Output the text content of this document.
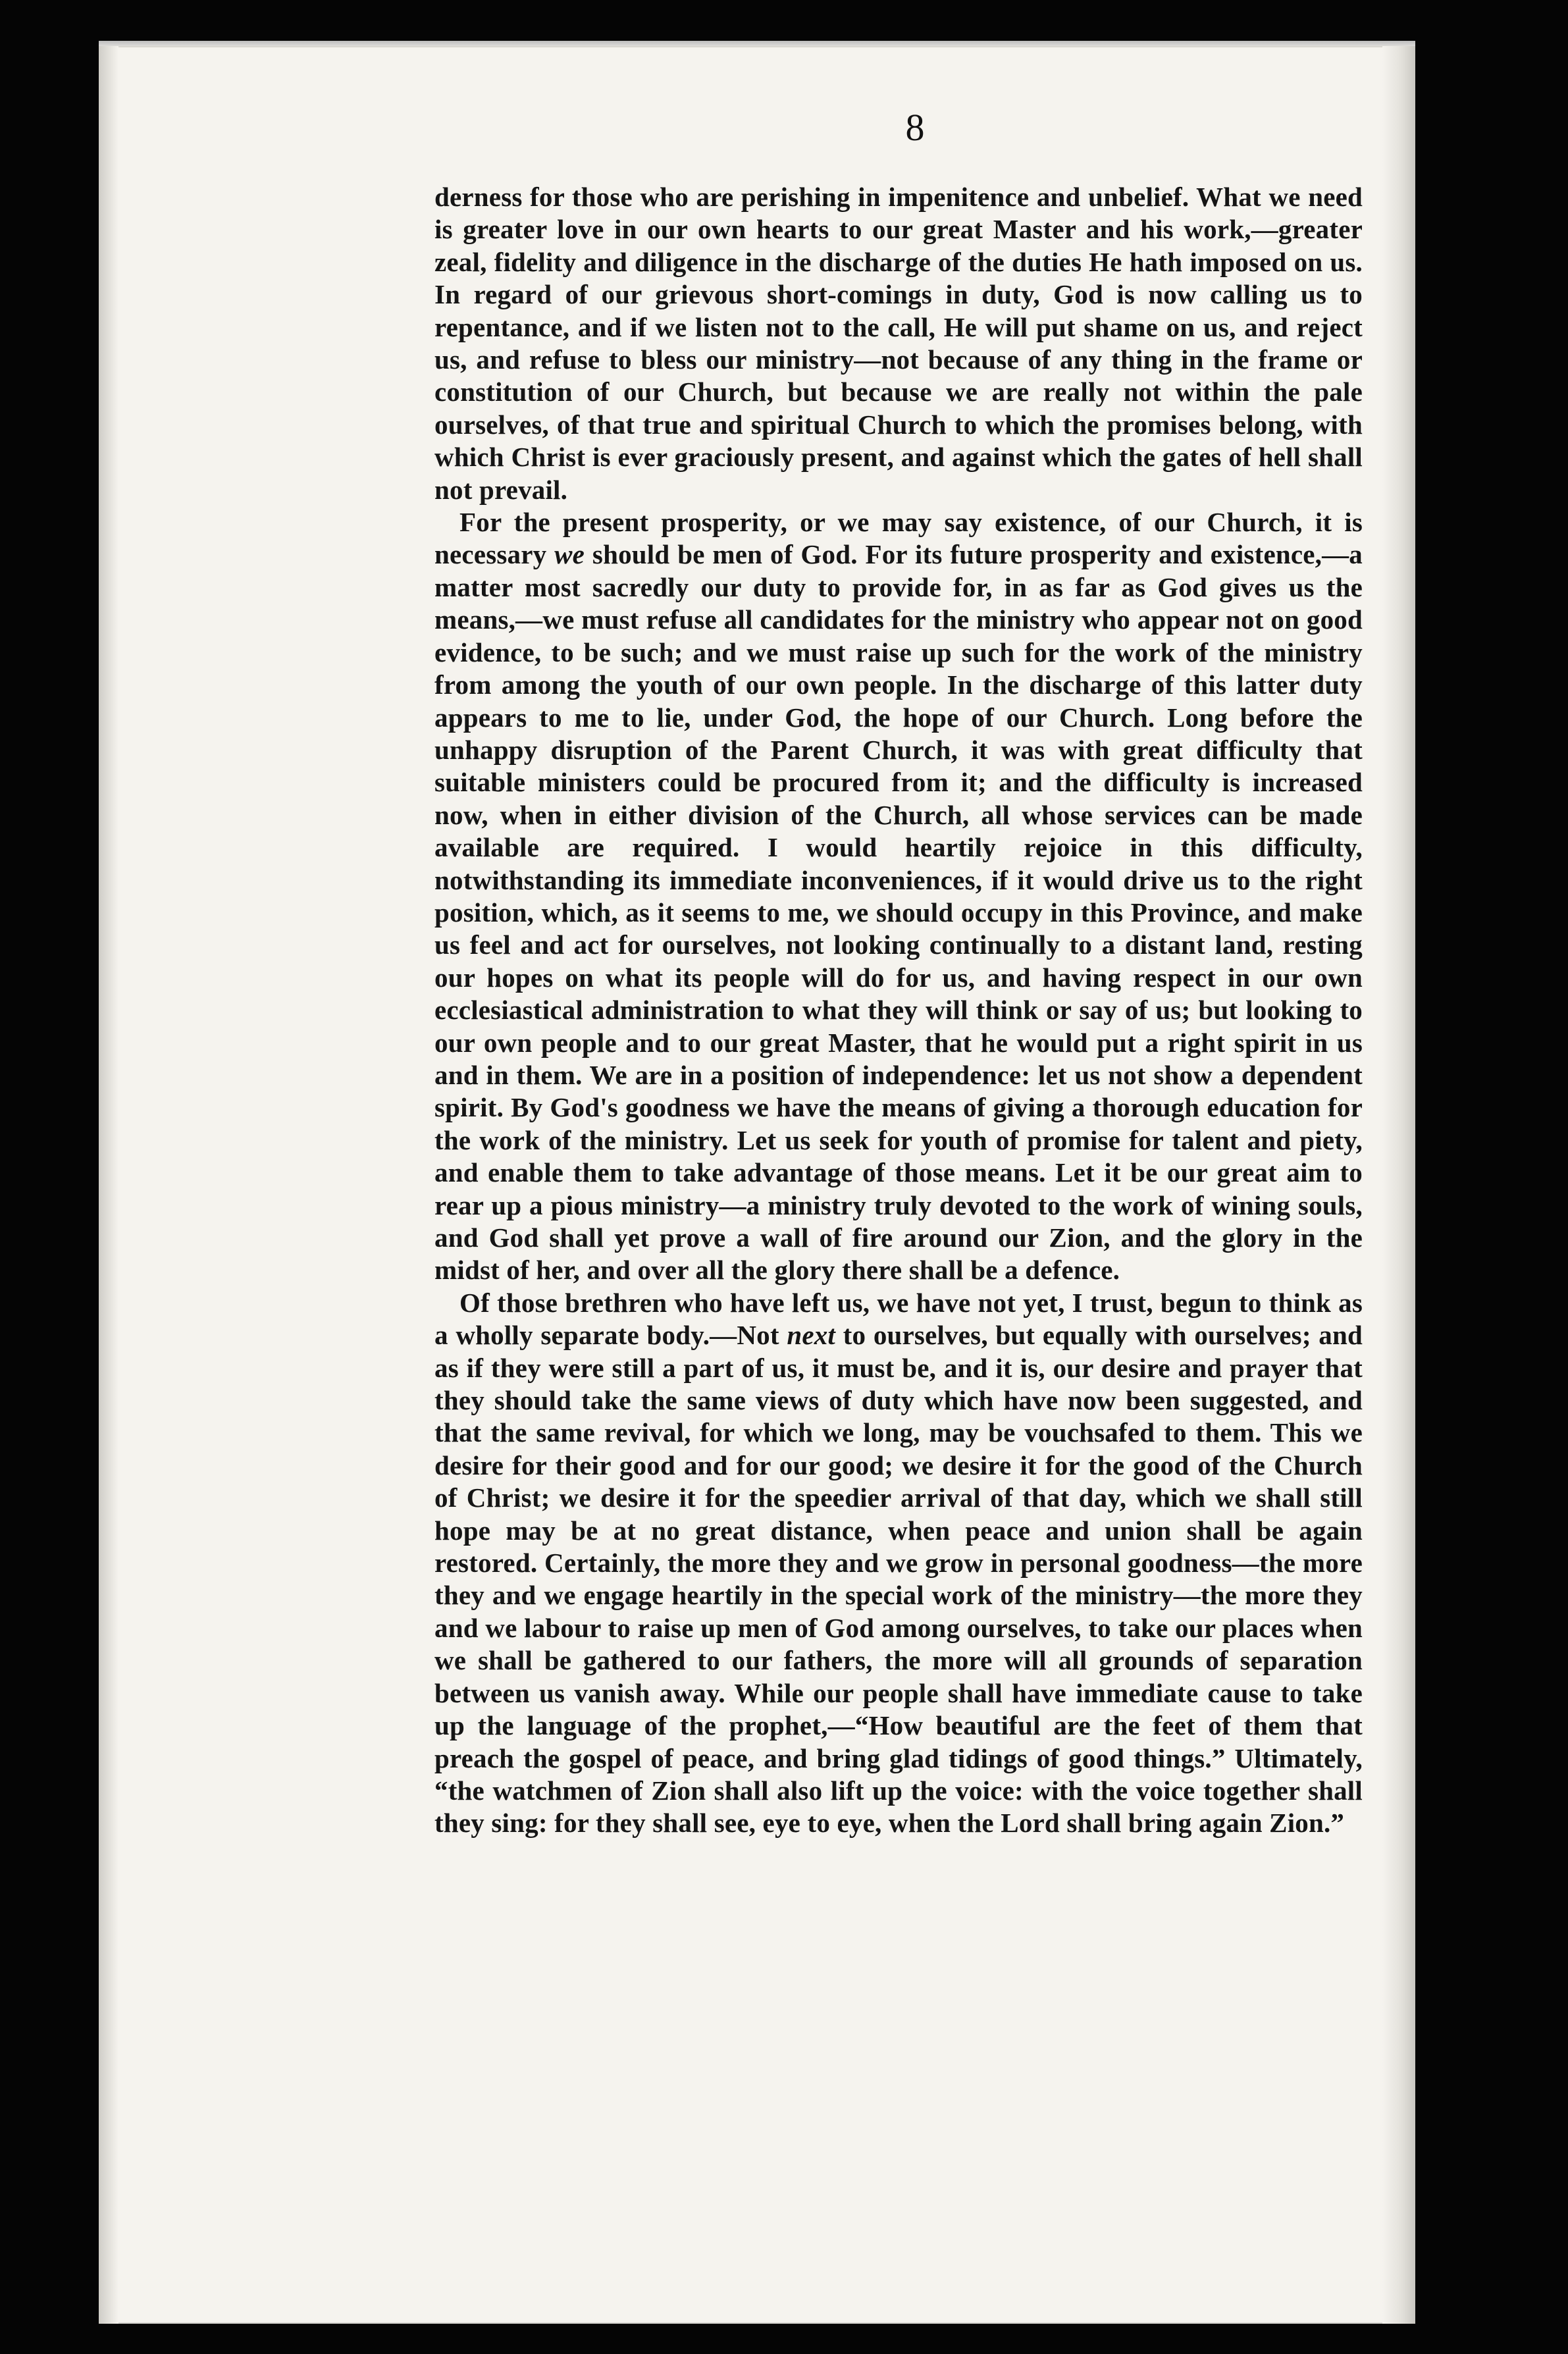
8

derness for those who are perishing in impenitence and unbelief. What we need is greater love in our own hearts to our great Master and his work,—greater zeal, fidelity and diligence in the discharge of the duties He hath imposed on us. In regard of our grievous short-comings in duty, God is now calling us to repentance, and if we listen not to the call, He will put shame on us, and reject us, and refuse to bless our ministry—not because of any thing in the frame or constitution of our Church, but because we are really not within the pale ourselves, of that true and spiritual Church to which the promises belong, with which Christ is ever graciously present, and against which the gates of hell shall not prevail.

For the present prosperity, or we may say existence, of our Church, it is necessary we should be men of God. For its future prosperity and existence,—a matter most sacredly our duty to provide for, in as far as God gives us the means,—we must refuse all candidates for the ministry who appear not on good evidence, to be such; and we must raise up such for the work of the ministry from among the youth of our own people. In the discharge of this latter duty appears to me to lie, under God, the hope of our Church. Long before the unhappy disruption of the Parent Church, it was with great difficulty that suitable ministers could be procured from it; and the difficulty is increased now, when in either division of the Church, all whose services can be made available are required. I would heartily rejoice in this difficulty, notwithstanding its immediate inconveniences, if it would drive us to the right position, which, as it seems to me, we should occupy in this Province, and make us feel and act for ourselves, not looking continually to a distant land, resting our hopes on what its people will do for us, and having respect in our own ecclesiastical administration to what they will think or say of us; but looking to our own people and to our great Master, that he would put a right spirit in us and in them. We are in a position of independence: let us not show a dependent spirit. By God's goodness we have the means of giving a thorough education for the work of the ministry. Let us seek for youth of promise for talent and piety, and enable them to take advantage of those means. Let it be our great aim to rear up a pious ministry—a ministry truly devoted to the work of wining souls, and God shall yet prove a wall of fire around our Zion, and the glory in the midst of her, and over all the glory there shall be a defence.

Of those brethren who have left us, we have not yet, I trust, begun to think as a wholly separate body.—Not next to ourselves, but equally with ourselves; and as if they were still a part of us, it must be, and it is, our desire and prayer that they should take the same views of duty which have now been suggested, and that the same revival, for which we long, may be vouchsafed to them. This we desire for their good and for our good; we desire it for the good of the Church of Christ; we desire it for the speedier arrival of that day, which we shall still hope may be at no great distance, when peace and union shall be again restored. Certainly, the more they and we grow in personal goodness—the more they and we engage heartily in the special work of the ministry—the more they and we labour to raise up men of God among ourselves, to take our places when we shall be gathered to our fathers, the more will all grounds of separation between us vanish away. While our people shall have immediate cause to take up the language of the prophet,—“How beautiful are the feet of them that preach the gospel of peace, and bring glad tidings of good things.” Ultimately, “the watchmen of Zion shall also lift up the voice: with the voice together shall they sing: for they shall see, eye to eye, when the Lord shall bring again Zion.”
